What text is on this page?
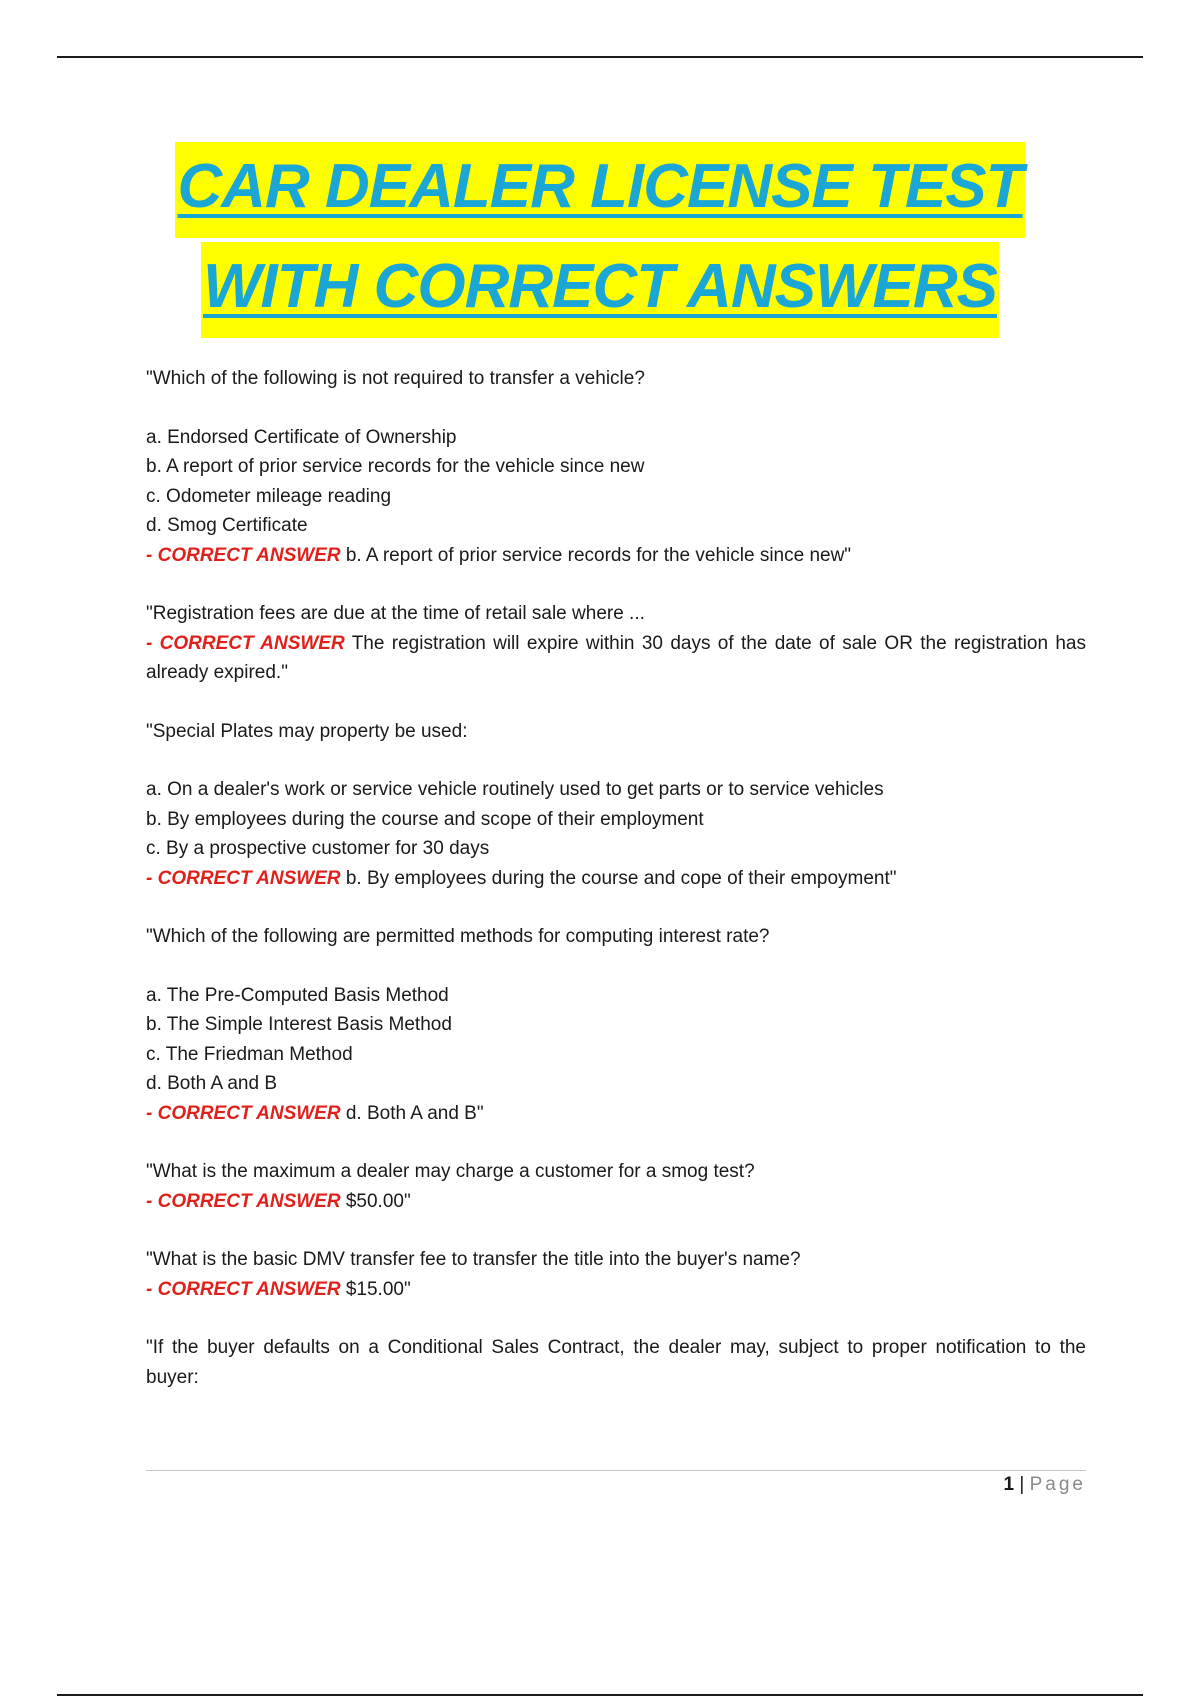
CAR DEALER LICENSE TEST
WITH CORRECT ANSWERS

"Which of the following is not required to transfer a vehicle?

a. Endorsed Certificate of Ownership

b. A report of prior service records for the vehicle since new

c. Odometer mileage reading

d. Smog Certificate

- CORRECT ANSWER b. A report of prior service records for the vehicle since new"

"Registration fees are due at the time of retail sale where ...

- CORRECT ANSWER The registration will expire within 30 days of the date of sale OR the registration has already expired."

"Special Plates may property be used:

a. On a dealer's work or service vehicle routinely used to get parts or to service vehicles

b. By employees during the course and scope of their employment

c. By a prospective customer for 30 days

- CORRECT ANSWER b. By employees during the course and cope of their empoyment"

"Which of the following are permitted methods for computing interest rate?

a. The Pre-Computed Basis Method

b. The Simple Interest Basis Method

c. The Friedman Method

d. Both A and B

- CORRECT ANSWER d. Both A and B"

"What is the maximum a dealer may charge a customer for a smog test?

- CORRECT ANSWER $50.00"

"What is the basic DMV transfer fee to transfer the title into the buyer's name?

- CORRECT ANSWER $15.00"

"If the buyer defaults on a Conditional Sales Contract, the dealer may, subject to proper notification to the buyer:

1 | Page
